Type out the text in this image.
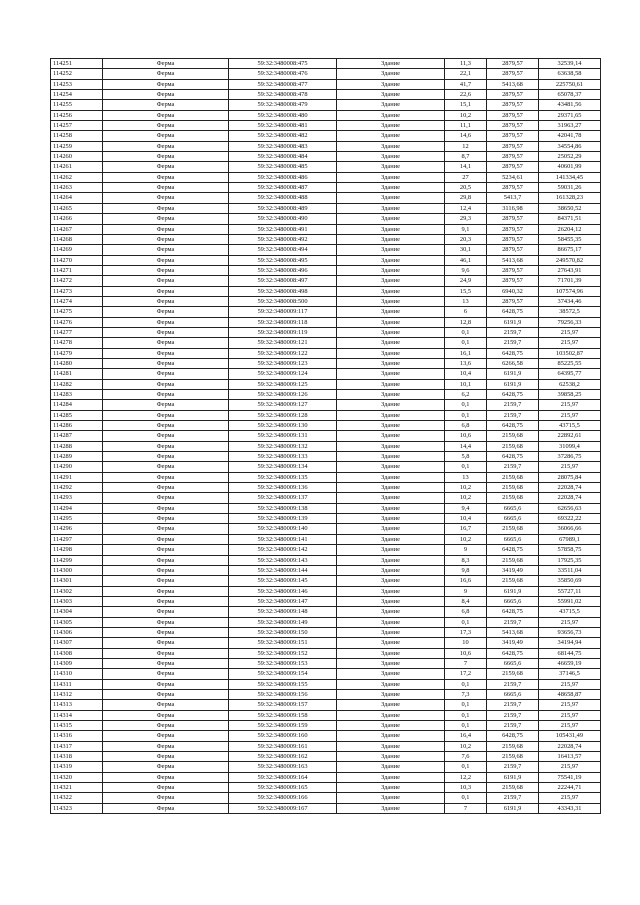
114251	Ферма	59:32:3480008:475	Здание	11,3	2879,57	32539,14
114252	Ферма	59:32:3480008:476	Здание	22,1	2879,57	63638,58
114253	Ферма	59:32:3480008:477	Здание	41,7	5413,68	225750,61
114254	Ферма	59:32:3480008:478	Здание	22,6	2879,57	65078,37
114255	Ферма	59:32:3480008:479	Здание	15,1	2879,57	43481,56
114256	Ферма	59:32:3480008:480	Здание	10,2	2879,57	29371,65
114257	Ферма	59:32:3480008:481	Здание	11,1	2879,57	31963,27
114258	Ферма	59:32:3480008:482	Здание	14,6	2879,57	42041,78
114259	Ферма	59:32:3480008:483	Здание	12	2879,57	34554,86
114260	Ферма	59:32:3480008:484	Здание	8,7	2879,57	25052,29
114261	Ферма	59:32:3480008:485	Здание	14,1	2879,57	40601,99
114262	Ферма	59:32:3480008:486	Здание	27	5234,61	141334,45
114263	Ферма	59:32:3480008:487	Здание	20,5	2879,57	59031,26
114264	Ферма	59:32:3480008:488	Здание	29,8	5413,7	161328,23
114265	Ферма	59:32:3480008:489	Здание	12,4	3116,98	38650,52
114266	Ферма	59:32:3480008:490	Здание	29,3	2879,57	84371,51
114267	Ферма	59:32:3480008:491	Здание	9,1	2879,57	26204,12
114268	Ферма	59:32:3480008:492	Здание	20,3	2879,57	58455,35
114269	Ферма	59:32:3480008:494	Здание	30,1	2879,57	86675,17
114270	Ферма	59:32:3480008:495	Здание	46,1	5413,68	249570,82
114271	Ферма	59:32:3480008:496	Здание	9,6	2879,57	27643,91
114272	Ферма	59:32:3480008:497	Здание	24,9	2879,57	71701,39
114273	Ферма	59:32:3480008:498	Здание	15,5	6940,32	107574,96
114274	Ферма	59:32:3480008:500	Здание	13	2879,57	37434,46
114275	Ферма	59:32:3480009:117	Здание	6	6428,75	38572,5
114276	Ферма	59:32:3480009:118	Здание	12,8	6191,9	79256,33
114277	Ферма	59:32:3480009:119	Здание	0,1	2159,7	215,97
114278	Ферма	59:32:3480009:121	Здание	0,1	2159,7	215,97
114279	Ферма	59:32:3480009:122	Здание	16,1	6428,75	103502,87
114280	Ферма	59:32:3480009:123	Здание	13,6	6266,58	85225,55
114281	Ферма	59:32:3480009:124	Здание	10,4	6191,9	64395,77
114282	Ферма	59:32:3480009:125	Здание	10,1	6191,9	62538,2
114283	Ферма	59:32:3480009:126	Здание	6,2	6428,75	39858,25
114284	Ферма	59:32:3480009:127	Здание	0,1	2159,7	215,97
114285	Ферма	59:32:3480009:128	Здание	0,1	2159,7	215,97
114286	Ферма	59:32:3480009:130	Здание	6,8	6428,75	43715,5
114287	Ферма	59:32:3480009:131	Здание	10,6	2159,68	22892,61
114288	Ферма	59:32:3480009:132	Здание	14,4	2159,68	31099,4
114289	Ферма	59:32:3480009:133	Здание	5,8	6428,75	37286,75
114290	Ферма	59:32:3480009:134	Здание	0,1	2159,7	215,97
114291	Ферма	59:32:3480009:135	Здание	13	2159,68	28075,84
114292	Ферма	59:32:3480009:136	Здание	10,2	2159,68	22028,74
114293	Ферма	59:32:3480009:137	Здание	10,2	2159,68	22028,74
114294	Ферма	59:32:3480009:138	Здание	9,4	6665,6	62656,63
114295	Ферма	59:32:3480009:139	Здание	10,4	6665,6	69322,22
114296	Ферма	59:32:3480009:140	Здание	16,7	2159,68	36066,66
114297	Ферма	59:32:3480009:141	Здание	10,2	6665,6	67989,1
114298	Ферма	59:32:3480009:142	Здание	9	6428,75	57858,75
114299	Ферма	59:32:3480009:143	Здание	8,3	2159,68	17925,35
114300	Ферма	59:32:3480009:144	Здание	9,8	3419,49	33511,04
114301	Ферма	59:32:3480009:145	Здание	16,6	2159,68	35850,69
114302	Ферма	59:32:3480009:146	Здание	9	6191,9	55727,11
114303	Ферма	59:32:3480009:147	Здание	8,4	6665,6	55991,02
114304	Ферма	59:32:3480009:148	Здание	6,8	6428,75	43715,5
114305	Ферма	59:32:3480009:149	Здание	0,1	2159,7	215,97
114306	Ферма	59:32:3480009:150	Здание	17,3	5413,68	93656,73
114307	Ферма	59:32:3480009:151	Здание	10	3419,49	34194,94
114308	Ферма	59:32:3480009:152	Здание	10,6	6428,75	68144,75
114309	Ферма	59:32:3480009:153	Здание	7	6665,6	46659,19
114310	Ферма	59:32:3480009:154	Здание	17,2	2159,68	37146,5
114311	Ферма	59:32:3480009:155	Здание	0,1	2159,7	215,97
114312	Ферма	59:32:3480009:156	Здание	7,3	6665,6	48658,87
114313	Ферма	59:32:3480009:157	Здание	0,1	2159,7	215,97
114314	Ферма	59:32:3480009:158	Здание	0,1	2159,7	215,97
114315	Ферма	59:32:3480009:159	Здание	0,1	2159,7	215,97
114316	Ферма	59:32:3480009:160	Здание	16,4	6428,75	105431,49
114317	Ферма	59:32:3480009:161	Здание	10,2	2159,68	22028,74
114318	Ферма	59:32:3480009:162	Здание	7,6	2159,68	16413,57
114319	Ферма	59:32:3480009:163	Здание	0,1	2159,7	215,97
114320	Ферма	59:32:3480009:164	Здание	12,2	6191,9	75541,19
114321	Ферма	59:32:3480009:165	Здание	10,3	2159,68	22244,71
114322	Ферма	59:32:3480009:166	Здание	0,1	2159,7	215,97
114323	Ферма	59:32:3480009:167	Здание	7	6191,9	43343,31
